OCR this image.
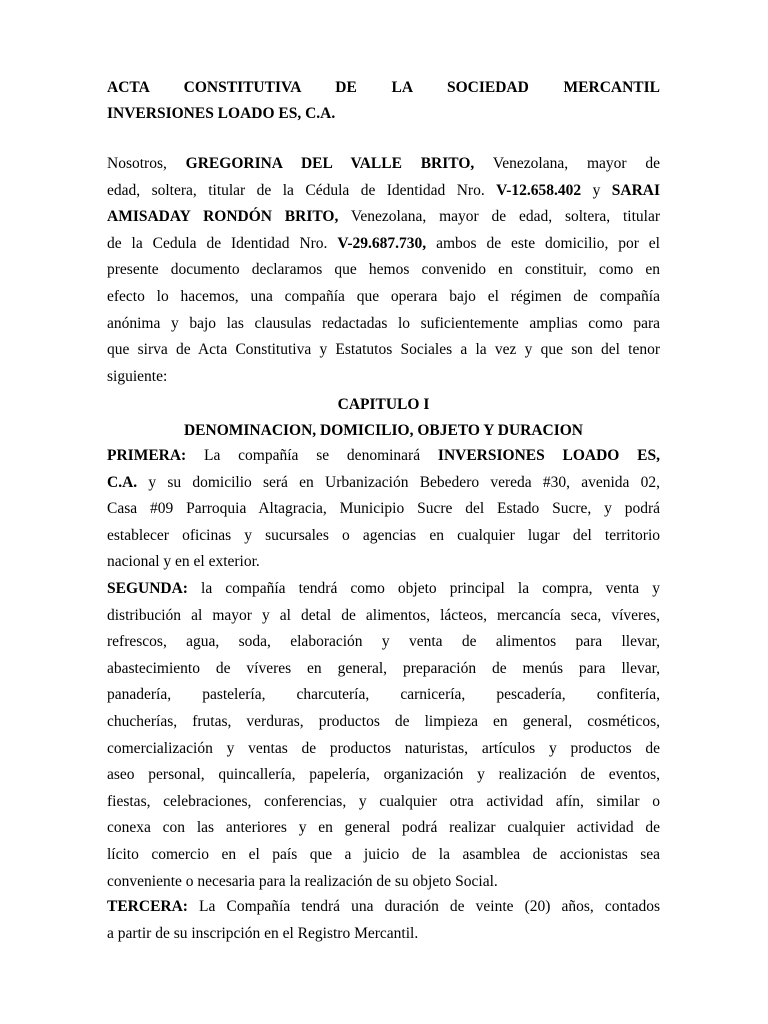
ACTA CONSTITUTIVA DE LA SOCIEDAD MERCANTIL
INVERSIONES LOADO ES, C.A.
Nosotros, GREGORINA DEL VALLE BRITO, Venezolana, mayor de
edad, soltera, titular de la Cédula de Identidad Nro. V-12.658.402 y SARAI
AMISADAY RONDÓN BRITO, Venezolana, mayor de edad, soltera, titular
de la Cedula de Identidad Nro. V-29.687.730, ambos de este domicilio, por el
presente documento declaramos que hemos convenido en constituir, como en
efecto lo hacemos, una compañía que operara bajo el régimen de compañía
anónima y bajo las clausulas redactadas lo suficientemente amplias como para
que sirva de Acta Constitutiva y Estatutos Sociales a la vez y que son del tenor
siguiente:
CAPITULO I
DENOMINACION, DOMICILIO, OBJETO Y DURACION
PRIMERA: La compañía se denominará INVERSIONES LOADO ES,
C.A. y su domicilio será en Urbanización Bebedero vereda #30, avenida 02,
Casa #09 Parroquia Altagracia, Municipio Sucre del Estado Sucre, y podrá
establecer oficinas y sucursales o agencias en cualquier lugar del territorio
nacional y en el exterior.
SEGUNDA: la compañía tendrá como objeto principal la compra, venta y
distribución al mayor y al detal de alimentos, lácteos, mercancía seca, víveres,
refrescos, agua, soda, elaboración y venta de alimentos para llevar,
abastecimiento de víveres en general, preparación de menús para llevar,
panadería, pastelería, charcutería, carnicería, pescadería, confitería,
chucherías, frutas, verduras, productos de limpieza en general, cosméticos,
comercialización y ventas de productos naturistas, artículos y productos de
aseo personal, quincallería, papelería, organización y realización de eventos,
fiestas, celebraciones, conferencias, y cualquier otra actividad afín, similar o
conexa con las anteriores y en general podrá realizar cualquier actividad de
lícito comercio en el país que a juicio de la asamblea de accionistas sea
conveniente o necesaria para la realización de su objeto Social.
TERCERA: La Compañía tendrá una duración de veinte (20) años, contados
a partir de su inscripción en el Registro Mercantil.
